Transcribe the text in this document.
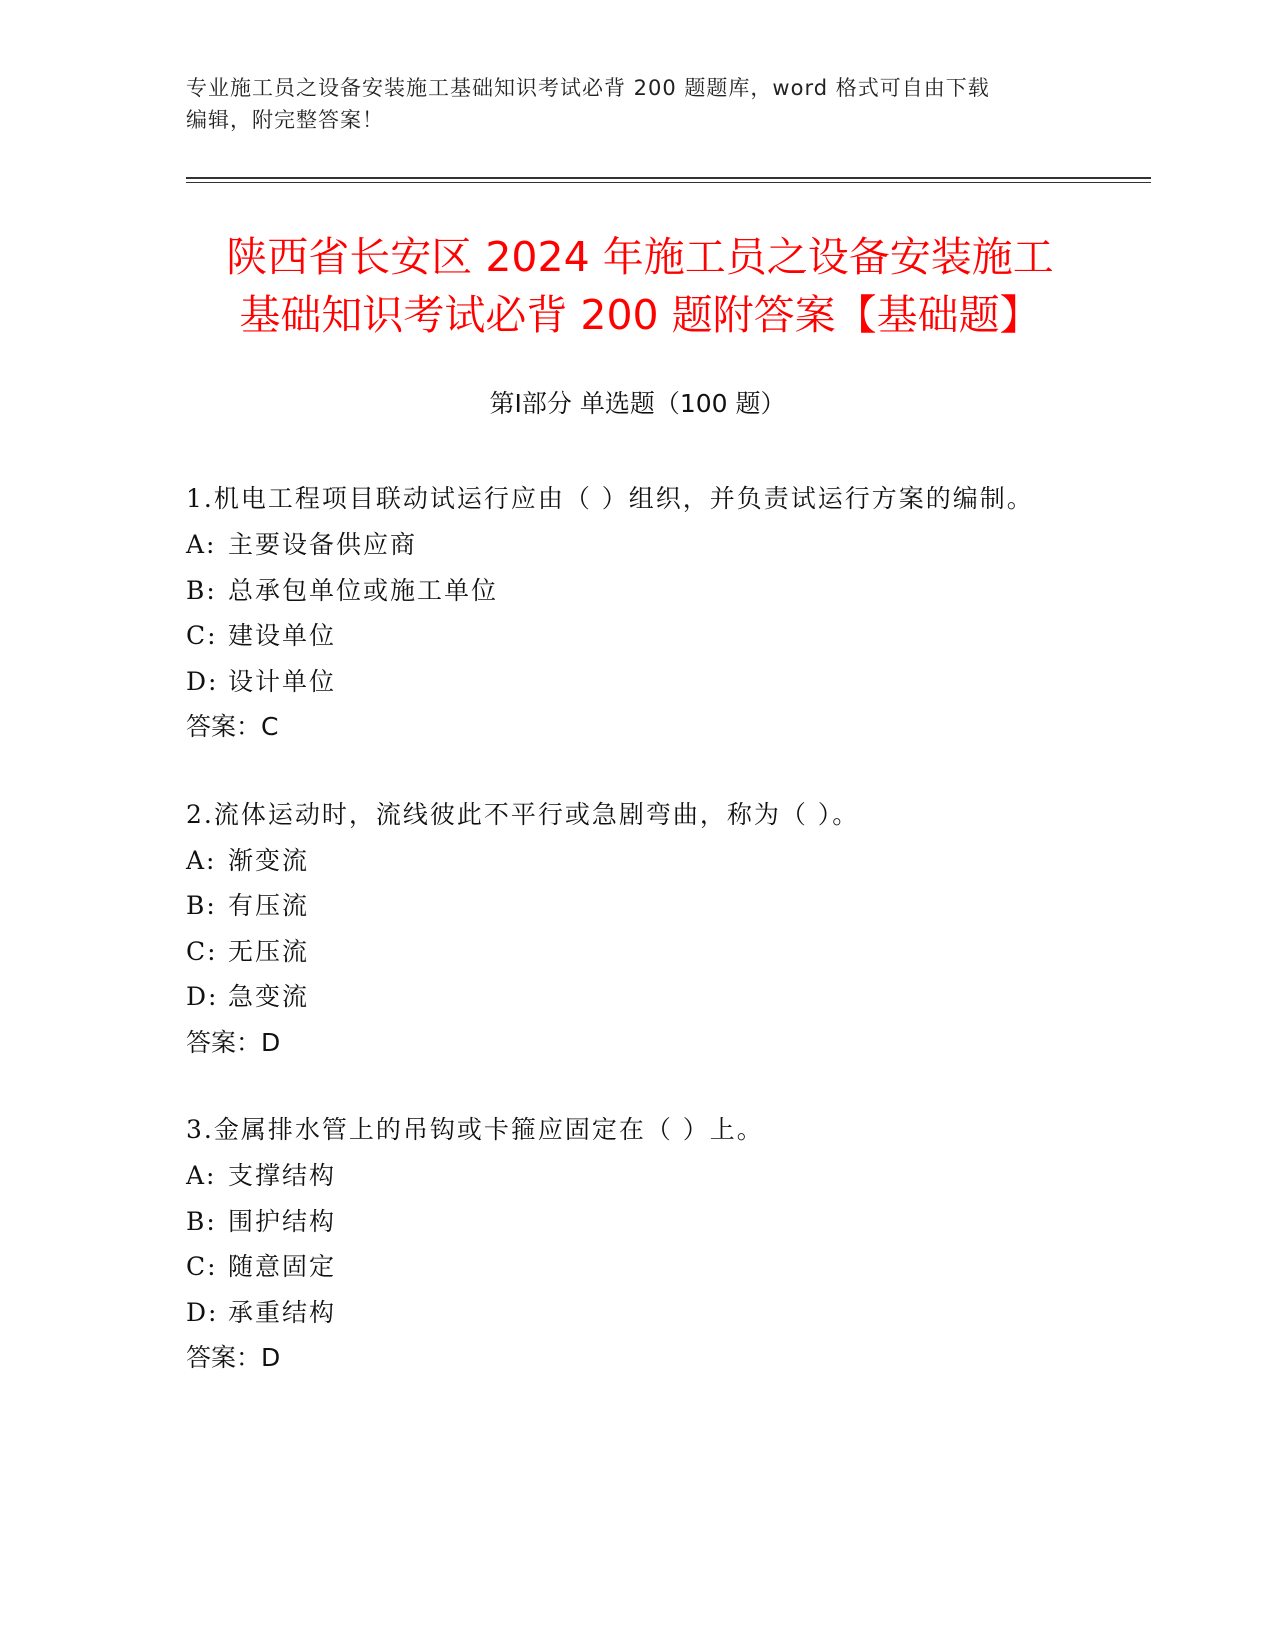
专业施工员之设备安装施工基础知识考试必背 200 题题库，word 格式可自由下载
编辑，附完整答案！
陕西省长安区 2024 年施工员之设备安装施工
基础知识考试必背 200 题附答案【基础题】
第Ⅰ部分 单选题（100 题）
1.机电工程项目联动试运行应由（ ）组织，并负责试运行方案的编制。
A: 主要设备供应商
B: 总承包单位或施工单位
C: 建设单位
D: 设计单位
答案：C
2.流体运动时，流线彼此不平行或急剧弯曲，称为（ ）。
A: 渐变流
B: 有压流
C: 无压流
D: 急变流
答案：D
3.金属排水管上的吊钩或卡箍应固定在（ ）上。
A: 支撑结构
B: 围护结构
C: 随意固定
D: 承重结构
答案：D
